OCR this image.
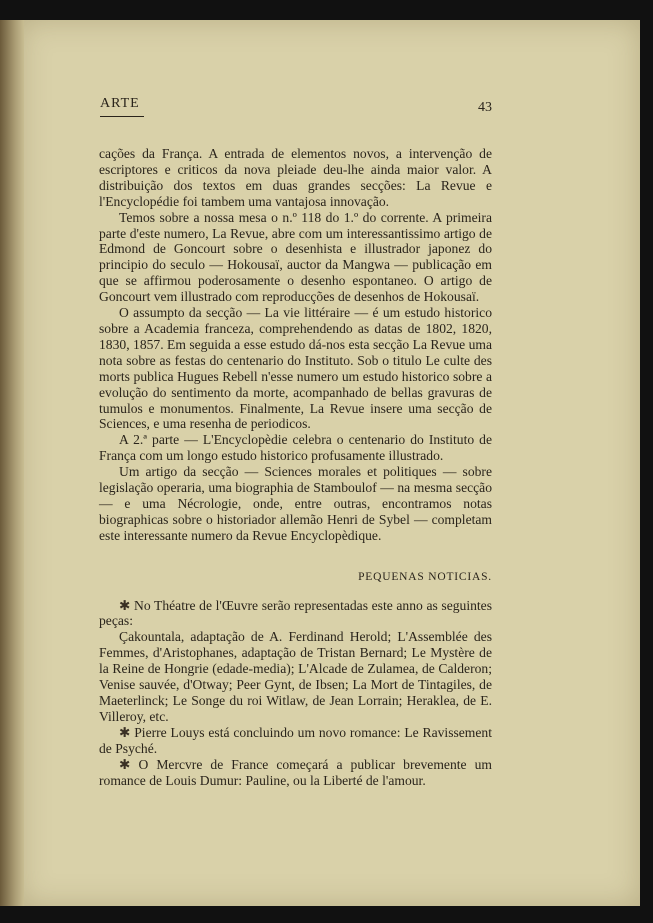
ARTE	43

cações da França. A entrada de elementos novos, a intervenção de escriptores e criticos da nova pleiade deu-lhe ainda maior valor. A distribuição dos textos em duas grandes secções: La Revue e l'Encyclopédie foi tambem uma vantajosa innovação.

Temos sobre a nossa mesa o n.º 118 do 1.º do corrente. A primeira parte d'este numero, La Revue, abre com um interessantissimo artigo de Edmond de Goncourt sobre o desenhista e illustrador japonez do principio do seculo — Hokousaï, auctor da Mangwa — publicação em que se affirmou poderosamente o desenho espontaneo. O artigo de Goncourt vem illustrado com reproducções de desenhos de Hokousaï.

O assumpto da secção — La vie littéraire — é um estudo historico sobre a Academia franceza, comprehendendo as datas de 1802, 1820, 1830, 1857. Em seguida a esse estudo dá-nos esta secção La Revue uma nota sobre as festas do centenario do Instituto. Sob o titulo Le culte des morts publica Hugues Rebell n'esse numero um estudo historico sobre a evolução do sentimento da morte, acompanhado de bellas gravuras de tumulos e monumentos. Finalmente, La Revue insere uma secção de Sciences, e uma resenha de periodicos.

A 2.ª parte — L'Encyclopèdie celebra o centenario do Instituto de França com um longo estudo historico profusamente illustrado.

Um artigo da secção — Sciences morales et politiques — sobre legislação operaria, uma biographia de Stamboulof — na mesma secção — e uma Nécrologie, onde, entre outras, encontramos notas biographicas sobre o historiador allemão Henri de Sybel — completam este interessante numero da Revue Encyclopèdique.

PEQUENAS NOTICIAS.

✱ No Théatre de l'Œuvre serão representadas este anno as seguintes peças:

Çakountala, adaptação de A. Ferdinand Herold; L'Assemblée des Femmes, d'Aristophanes, adaptação de Tristan Bernard; Le Mystère de la Reine de Hongrie (edade-media); L'Alcade de Zulamea, de Calderon; Venise sauvée, d'Otway; Peer Gynt, de Ibsen; La Mort de Tintagiles, de Maeterlinck; Le Songe du roi Witlaw, de Jean Lorrain; Heraklea, de E. Villeroy, etc.

✱ Pierre Louys está concluindo um novo romance: Le Ravissement de Psyché.

✱ O Mercvre de France começará a publicar brevemente um romance de Louis Dumur: Pauline, ou la Liberté de l'amour.
